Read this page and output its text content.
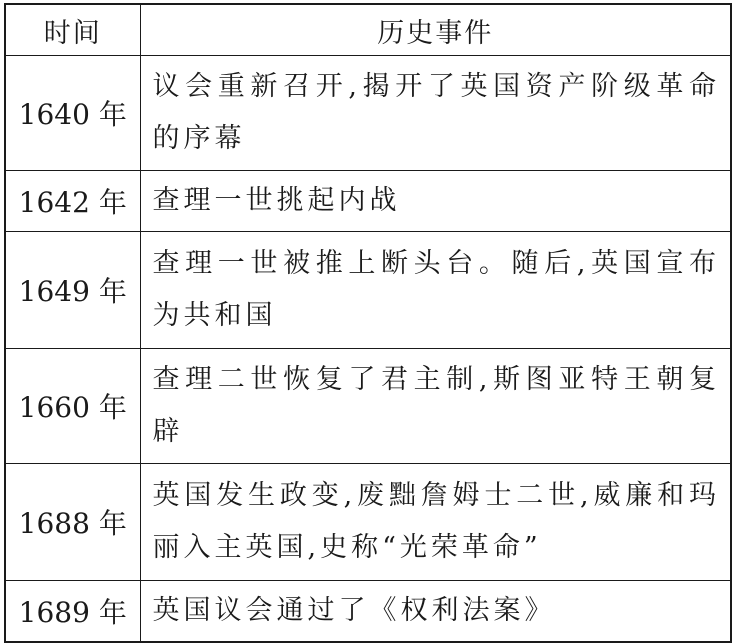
时间	历史事件
1640 年	议会重新召开,揭开了英国资产阶级革命的序幕
1642 年	查理一世挑起内战
1649 年	查理一世被推上断头台。随后,英国宣布为共和国
1660 年	查理二世恢复了君主制,斯图亚特王朝复辟
1688 年	英国发生政变,废黜詹姆士二世,威廉和玛丽入主英国,史称“光荣革命”
1689 年	英国议会通过了《权利法案》
